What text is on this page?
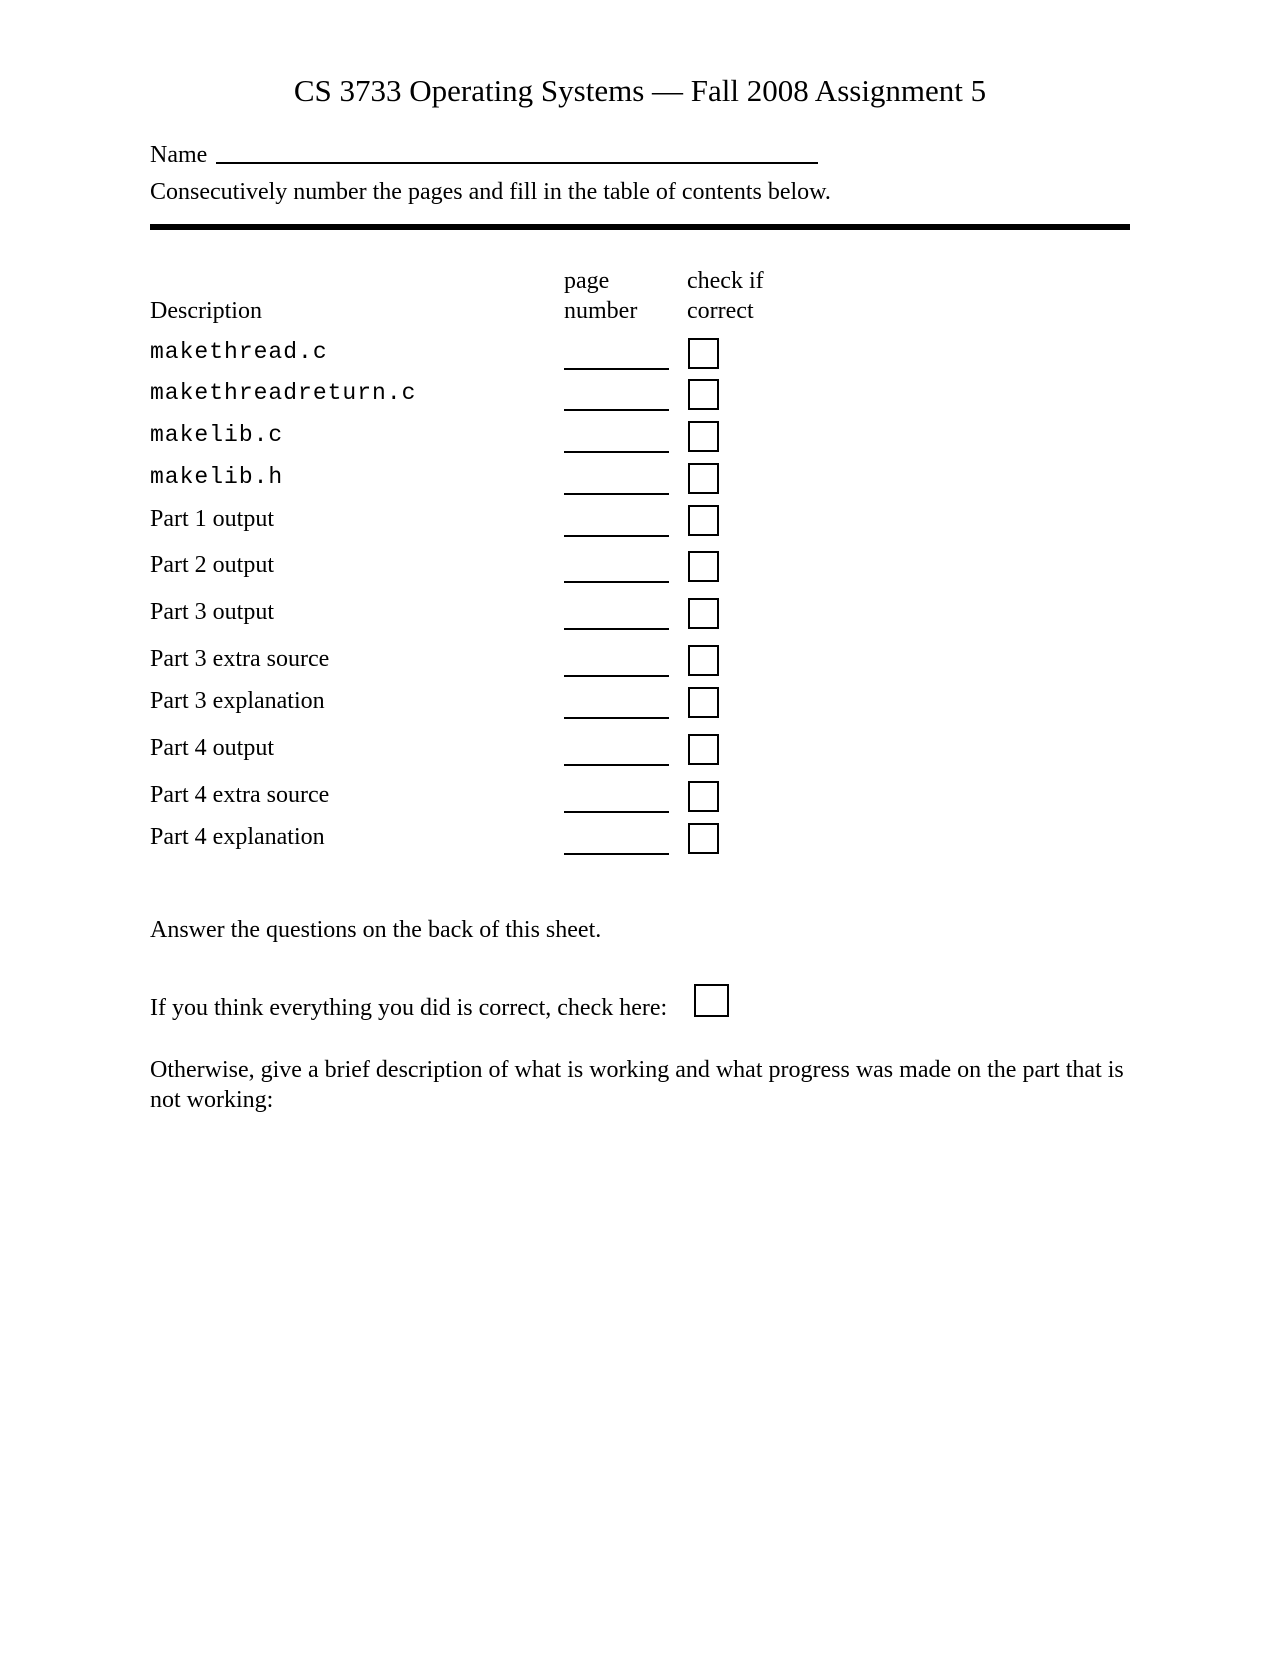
CS 3733 Operating Systems — Fall 2008 Assignment 5
Name
Consecutively number the pages and fill in the table of contents below.
Description
page
number
check if
correct
makethread.c
makethreadreturn.c
makelib.c
makelib.h
Part 1 output
Part 2 output
Part 3 output
Part 3 extra source
Part 3 explanation
Part 4 output
Part 4 extra source
Part 4 explanation
Answer the questions on the back of this sheet.
If you think everything you did is correct, check here:
Otherwise, give a brief description of what is working and what progress was made on the part that is not working:
